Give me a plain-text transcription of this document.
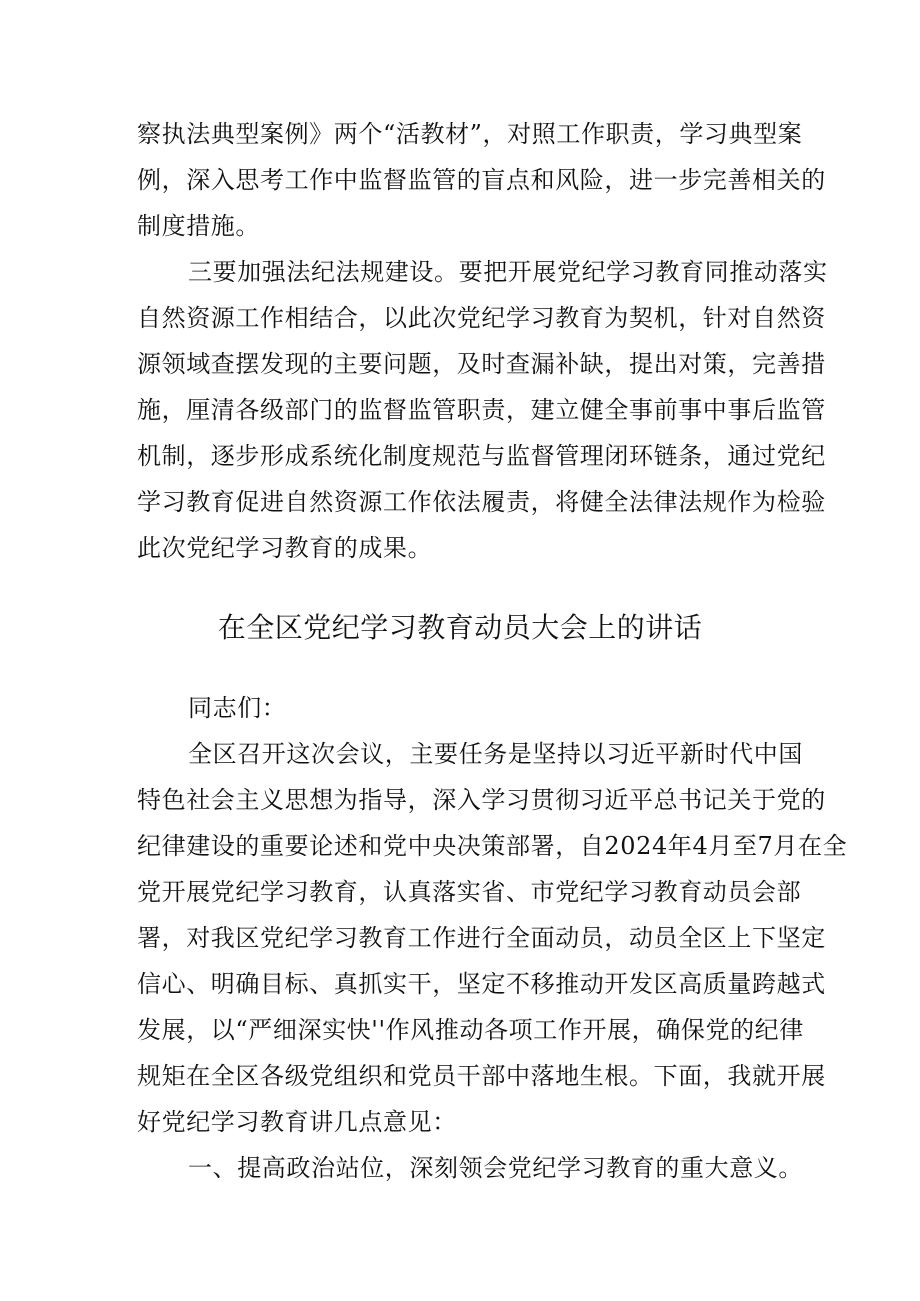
察执法典型案例》两个“活教材”，对照工作职责，学习典型案
例，深入思考工作中监督监管的盲点和风险，进一步完善相关的
制度措施。
三要加强法纪法规建设。要把开展党纪学习教育同推动落实
自然资源工作相结合，以此次党纪学习教育为契机，针对自然资
源领域查摆发现的主要问题，及时查漏补缺，提出对策，完善措
施，厘清各级部门的监督监管职责，建立健全事前事中事后监管
机制，逐步形成系统化制度规范与监督管理闭环链条，通过党纪
学习教育促进自然资源工作依法履责，将健全法律法规作为检验
此次党纪学习教育的成果。
在全区党纪学习教育动员大会上的讲话
同志们：
全区召开这次会议，主要任务是坚持以习近平新时代中国
特色社会主义思想为指导，深入学习贯彻习近平总书记关于党的
纪律建设的重要论述和党中央决策部署，自2024年4月至7月在全
党开展党纪学习教育，认真落实省、市党纪学习教育动员会部
署，对我区党纪学习教育工作进行全面动员，动员全区上下坚定
信心、明确目标、真抓实干，坚定不移推动开发区高质量跨越式
发展，以“严细深实快''作风推动各项工作开展，确保党的纪律
规矩在全区各级党组织和党员干部中落地生根。下面，我就开展
好党纪学习教育讲几点意见：
一、提高政治站位，深刻领会党纪学习教育的重大意义。
